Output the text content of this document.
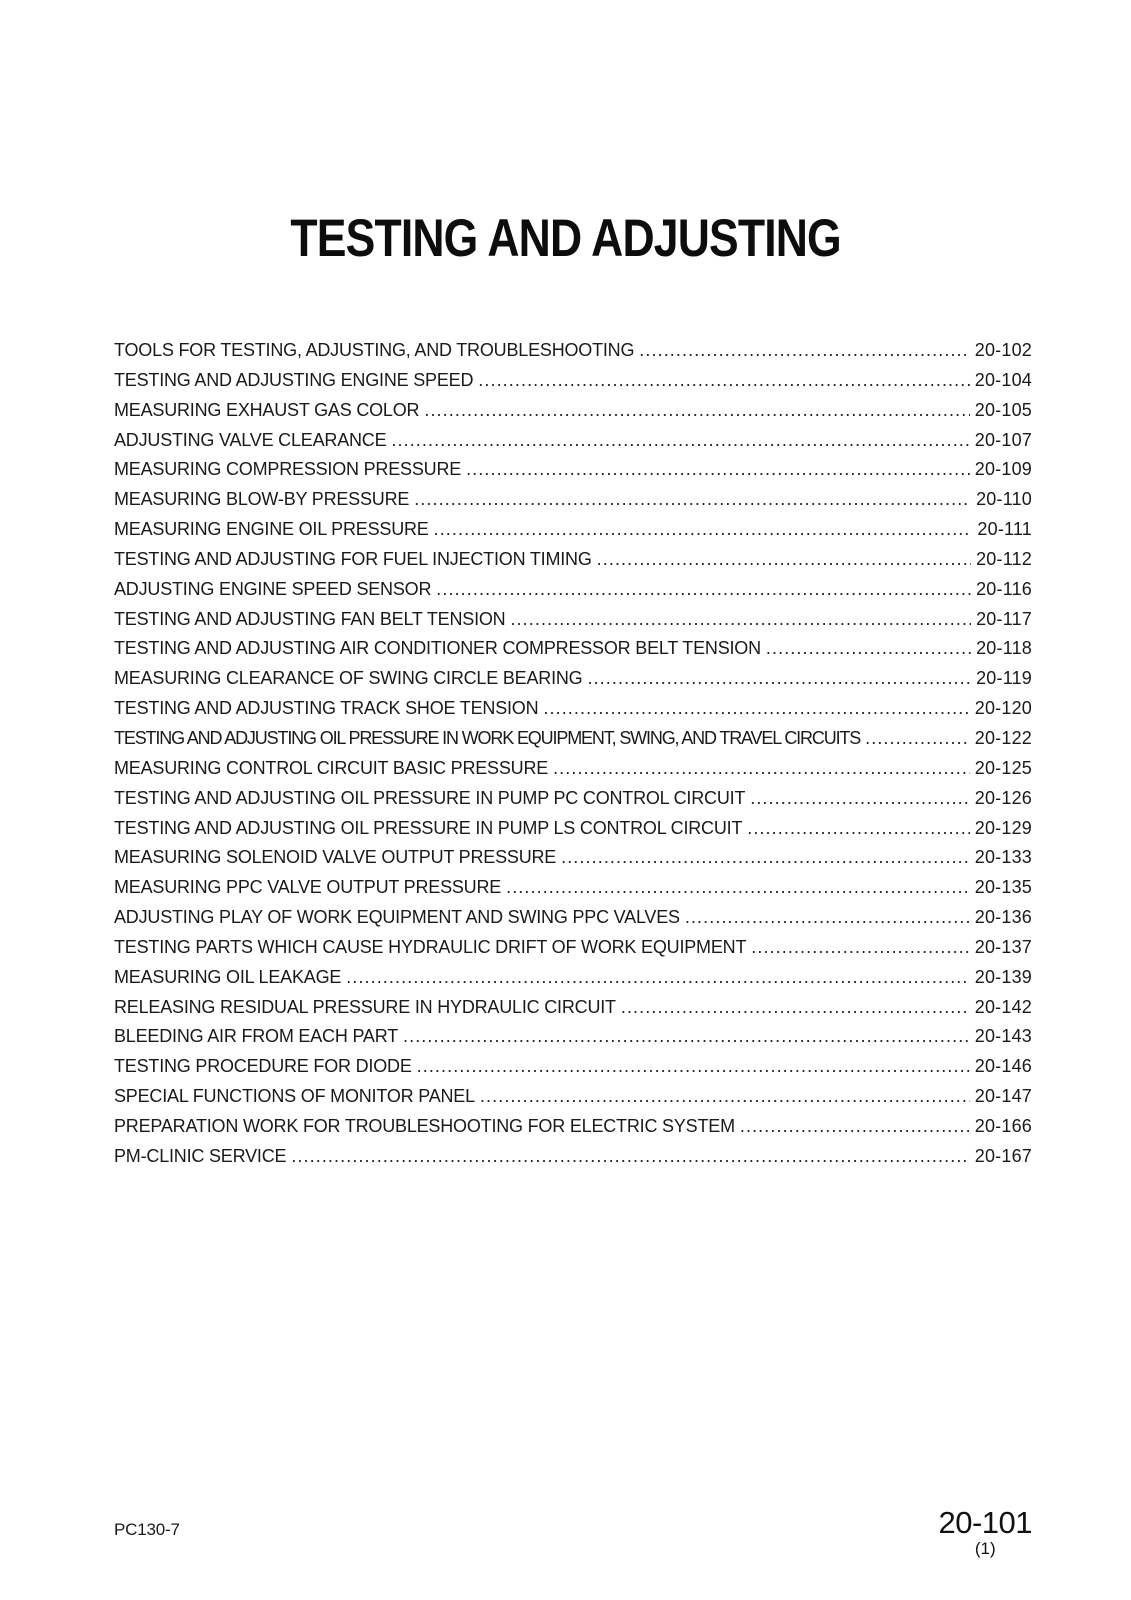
TESTING AND ADJUSTING
TOOLS FOR TESTING, ADJUSTING, AND TROUBLESHOOTING .....	20-102
TESTING AND ADJUSTING ENGINE SPEED .....	20-104
MEASURING EXHAUST GAS COLOR .....	20-105
ADJUSTING VALVE CLEARANCE .....	20-107
MEASURING COMPRESSION PRESSURE .....	20-109
MEASURING BLOW-BY PRESSURE .....	20-110
MEASURING ENGINE OIL PRESSURE .....	20-111
TESTING AND ADJUSTING FOR FUEL INJECTION TIMING .....	20-112
ADJUSTING ENGINE SPEED SENSOR .....	20-116
TESTING AND ADJUSTING FAN BELT TENSION .....	20-117
TESTING AND ADJUSTING AIR CONDITIONER COMPRESSOR BELT TENSION .....	20-118
MEASURING CLEARANCE OF SWING CIRCLE BEARING .....	20-119
TESTING AND ADJUSTING TRACK SHOE TENSION .....	20-120
TESTING AND ADJUSTING OIL PRESSURE IN WORK EQUIPMENT, SWING, AND TRAVEL CIRCUITS .....	20-122
MEASURING CONTROL CIRCUIT BASIC PRESSURE .....	20-125
TESTING AND ADJUSTING OIL PRESSURE IN PUMP PC CONTROL CIRCUIT .....	20-126
TESTING AND ADJUSTING OIL PRESSURE IN PUMP LS CONTROL CIRCUIT .....	20-129
MEASURING SOLENOID VALVE OUTPUT PRESSURE .....	20-133
MEASURING PPC VALVE OUTPUT PRESSURE .....	20-135
ADJUSTING PLAY OF WORK EQUIPMENT AND SWING PPC VALVES .....	20-136
TESTING PARTS WHICH CAUSE HYDRAULIC DRIFT OF WORK EQUIPMENT .....	20-137
MEASURING OIL LEAKAGE .....	20-139
RELEASING RESIDUAL PRESSURE IN HYDRAULIC CIRCUIT .....	20-142
BLEEDING AIR FROM EACH PART .....	20-143
TESTING PROCEDURE FOR DIODE .....	20-146
SPECIAL FUNCTIONS OF MONITOR PANEL .....	20-147
PREPARATION WORK FOR TROUBLESHOOTING FOR ELECTRIC SYSTEM .....	20-166
PM-CLINIC SERVICE .....	20-167
PC130-7	20-101
(1)
